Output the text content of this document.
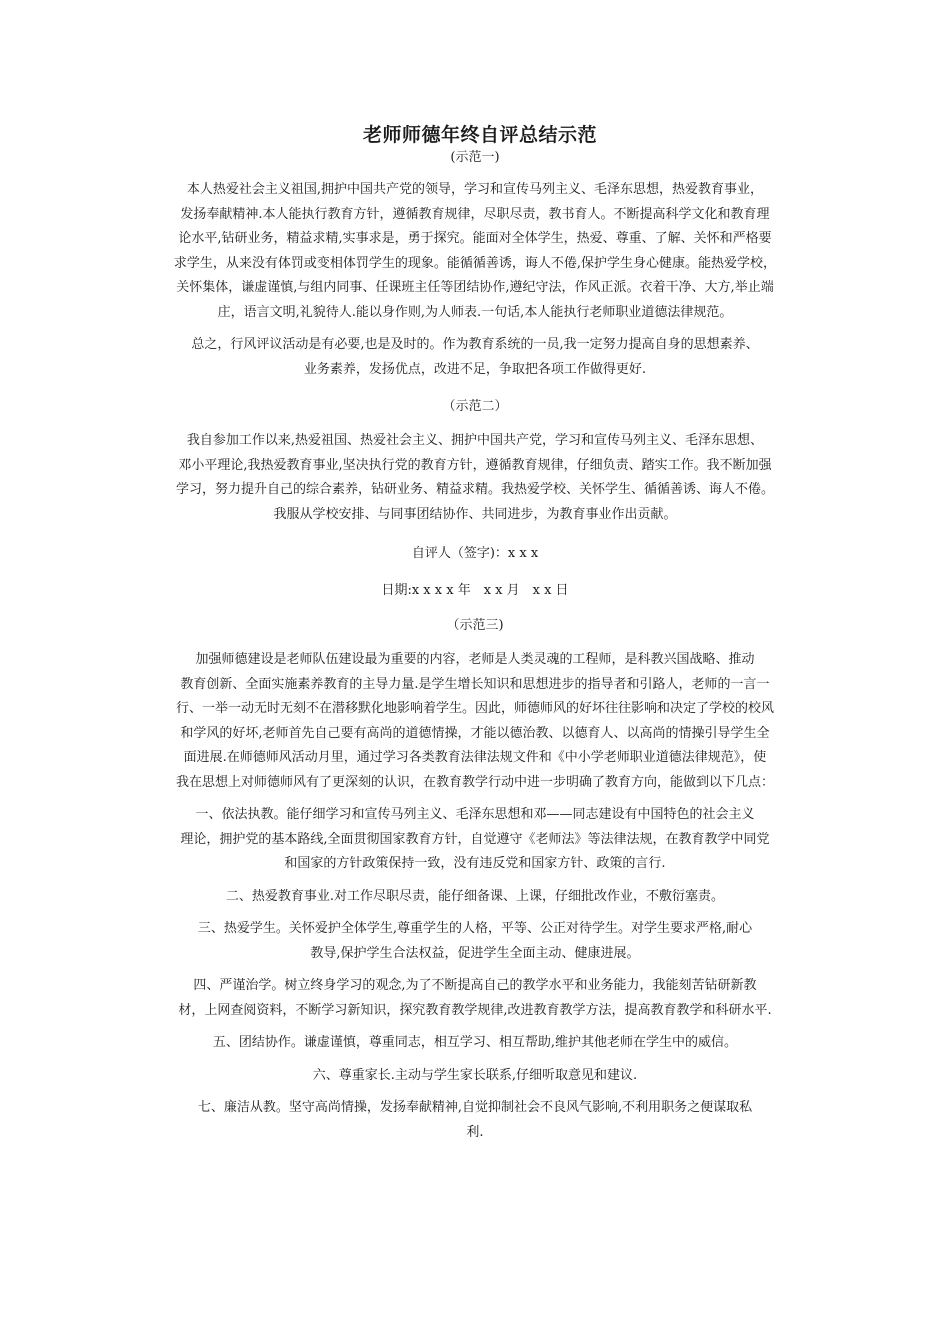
老师师德年终自评总结示范

(示范一)

本人热爱社会主义祖国,拥护中国共产党的领导，学习和宣传马列主义、毛泽东思想，热爱教育事业，
发扬奉献精神.本人能执行教育方针，遵循教育规律，尽职尽责，教书育人。不断提高科学文化和教育理
论水平,钻研业务，精益求精,实事求是，勇于探究。能面对全体学生，热爱、尊重、了解、关怀和严格要
求学生，从来没有体罚或变相体罚学生的现象。能循循善诱，诲人不倦,保护学生身心健康。能热爱学校，
关怀集体，谦虚谨慎,与组内同事、任课班主任等团结协作,遵纪守法，作风正派。衣着干净、大方,举止端
庄，语言文明,礼貌待人.能以身作则,为人师表.一句话,本人能执行老师职业道德法律规范。
总之，行风评议活动是有必要,也是及时的。作为教育系统的一员,我一定努力提高自身的思想素养、
业务素养，发扬优点，改进不足，争取把各项工作做得更好.

（示范二）

我自参加工作以来,热爱祖国、热爱社会主义、拥护中国共产党，学习和宣传马列主义、毛泽东思想、
邓小平理论,我热爱教育事业,坚决执行党的教育方针，遵循教育规律，仔细负责、踏实工作。我不断加强
学习，努力提升自己的综合素养，钻研业务、精益求精。我热爱学校、关怀学生、循循善诱、诲人不倦。
我服从学校安排、与同事团结协作、共同进步，为教育事业作出贡献。

自评人（签字)：x x x

日期:x x x x 年　x x 月　x x 日

（示范三)

加强师德建设是老师队伍建设最为重要的内容，老师是人类灵魂的工程师，是科教兴国战略、推动
教育创新、全面实施素养教育的主导力量.是学生增长知识和思想进步的指导者和引路人，老师的一言一
行、一举一动无时无刻不在潜移默化地影响着学生。因此，师德师风的好坏往往影响和决定了学校的校风
和学风的好坏,老师首先自己要有高尚的道德情操，才能以德治教、以德育人、以高尚的情操引导学生全
面进展.在师德师风活动月里，通过学习各类教育法律法规文件和《中小学老师职业道德法律规范》，使
我在思想上对师德师风有了更深刻的认识，在教育教学行动中进一步明确了教育方向，能做到以下几点：
一、依法执教。能仔细学习和宣传马列主义、毛泽东思想和邓——同志建设有中国特色的社会主义
理论，拥护党的基本路线,全面贯彻国家教育方针，自觉遵守《老师法》等法律法规，在教育教学中同党
和国家的方针政策保持一致，没有违反党和国家方针、政策的言行.
二、热爱教育事业.对工作尽职尽责，能仔细备课、上课，仔细批改作业，不敷衍塞责。
三、热爱学生。关怀爱护全体学生,尊重学生的人格，平等、公正对待学生。对学生要求严格,耐心
教导,保护学生合法权益，促进学生全面主动、健康进展。
四、严谨治学。树立终身学习的观念,为了不断提高自己的教学水平和业务能力，我能刻苦钻研新教
材，上网查阅资料，不断学习新知识，探究教育教学规律,改进教育教学方法，提高教育教学和科研水平.
五、团结协作。谦虚谨慎，尊重同志，相互学习、相互帮助,维护其他老师在学生中的威信。
六、尊重家长.主动与学生家长联系,仔细听取意见和建议.
七、廉洁从教。坚守高尚情操，发扬奉献精神,自觉抑制社会不良风气影响,不利用职务之便谋取私
利.
